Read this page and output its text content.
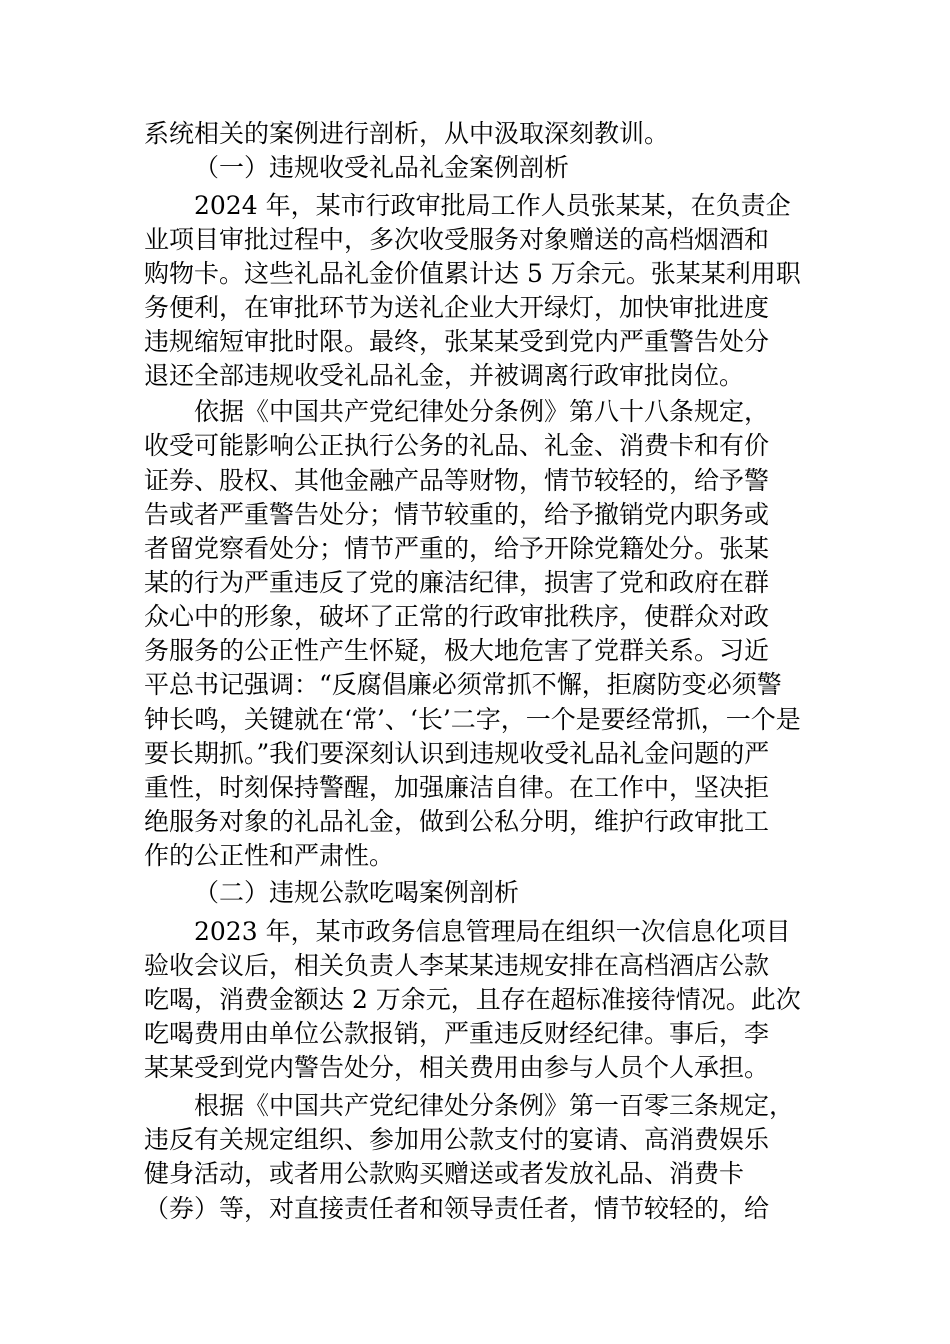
系统相关的案例进行剖析，从中汲取深刻教训。
（一）违规收受礼品礼金案例剖析
2024 年，某市行政审批局工作人员张某某，在负责企
业项目审批过程中，多次收受服务对象赠送的高档烟酒和
购物卡。这些礼品礼金价值累计达 5 万余元。张某某利用职
务便利，在审批环节为送礼企业大开绿灯，加快审批进度
违规缩短审批时限。最终，张某某受到党内严重警告处分
退还全部违规收受礼品礼金，并被调离行政审批岗位。
依据《中国共产党纪律处分条例》第八十八条规定，
收受可能影响公正执行公务的礼品、礼金、消费卡和有价
证券、股权、其他金融产品等财物，情节较轻的，给予警
告或者严重警告处分；情节较重的，给予撤销党内职务或
者留党察看处分；情节严重的，给予开除党籍处分。张某
某的行为严重违反了党的廉洁纪律，损害了党和政府在群
众心中的形象，破坏了正常的行政审批秩序，使群众对政
务服务的公正性产生怀疑，极大地危害了党群关系。习近
平总书记强调：“反腐倡廉必须常抓不懈，拒腐防变必须警
钟长鸣，关键就在‘常’、‘长’二字，一个是要经常抓，一个是
要长期抓。”我们要深刻认识到违规收受礼品礼金问题的严
重性，时刻保持警醒，加强廉洁自律。在工作中，坚决拒
绝服务对象的礼品礼金，做到公私分明，维护行政审批工
作的公正性和严肃性。
（二）违规公款吃喝案例剖析
2023 年，某市政务信息管理局在组织一次信息化项目
验收会议后，相关负责人李某某违规安排在高档酒店公款
吃喝，消费金额达 2 万余元，且存在超标准接待情况。此次
吃喝费用由单位公款报销，严重违反财经纪律。事后，李
某某受到党内警告处分，相关费用由参与人员个人承担。
根据《中国共产党纪律处分条例》第一百零三条规定，
违反有关规定组织、参加用公款支付的宴请、高消费娱乐
健身活动，或者用公款购买赠送或者发放礼品、消费卡
（券）等，对直接责任者和领导责任者，情节较轻的，给
